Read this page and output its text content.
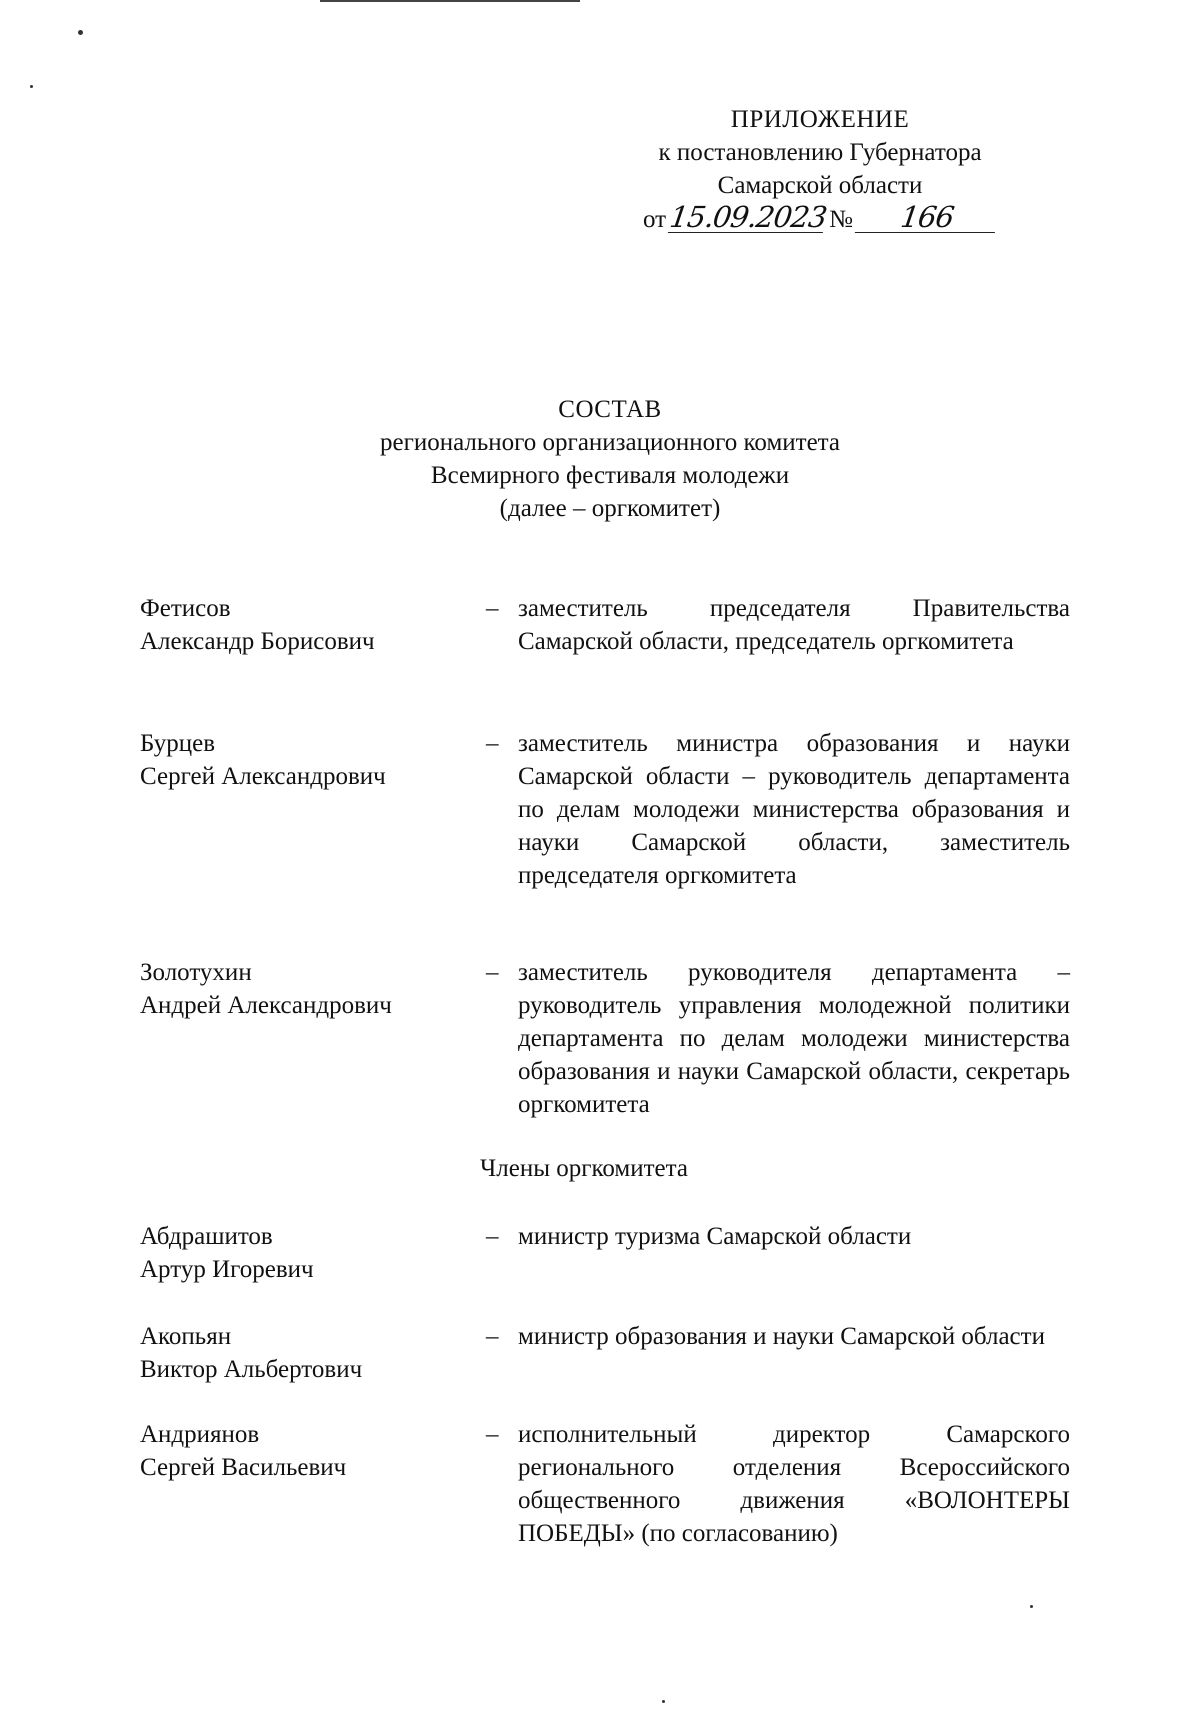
ПРИЛОЖЕНИЕ
к постановлению Губернатора
Самарской области
от 15.09.2023 №	166
СОСТАВ
регионального организационного комитета
Всемирного фестиваля молодежи
(далее – оргкомитет)
Фетисов
Александр Борисович
– заместитель председателя Правительства Самарской области, председатель оргкомитета
Бурцев
Сергей Александрович
– заместитель министра образования и науки Самарской области – руководитель департамента по делам молодежи министерства образования и науки Самарской области, заместитель председателя оргкомитета
Золотухин
Андрей Александрович
– заместитель руководителя департамента – руководитель управления молодежной политики департамента по делам молодежи министерства образования и науки Самарской области, секретарь оргкомитета
Члены оргкомитета
Абдрашитов
Артур Игоревич
– министр туризма Самарской области
Акопьян
Виктор Альбертович
– министр образования и науки Самарской области
Андриянов
Сергей Васильевич
– исполнительный директор Самарского регионального отделения Всероссийского общественного движения «ВОЛОНТЕРЫ ПОБЕДЫ» (по согласованию)
